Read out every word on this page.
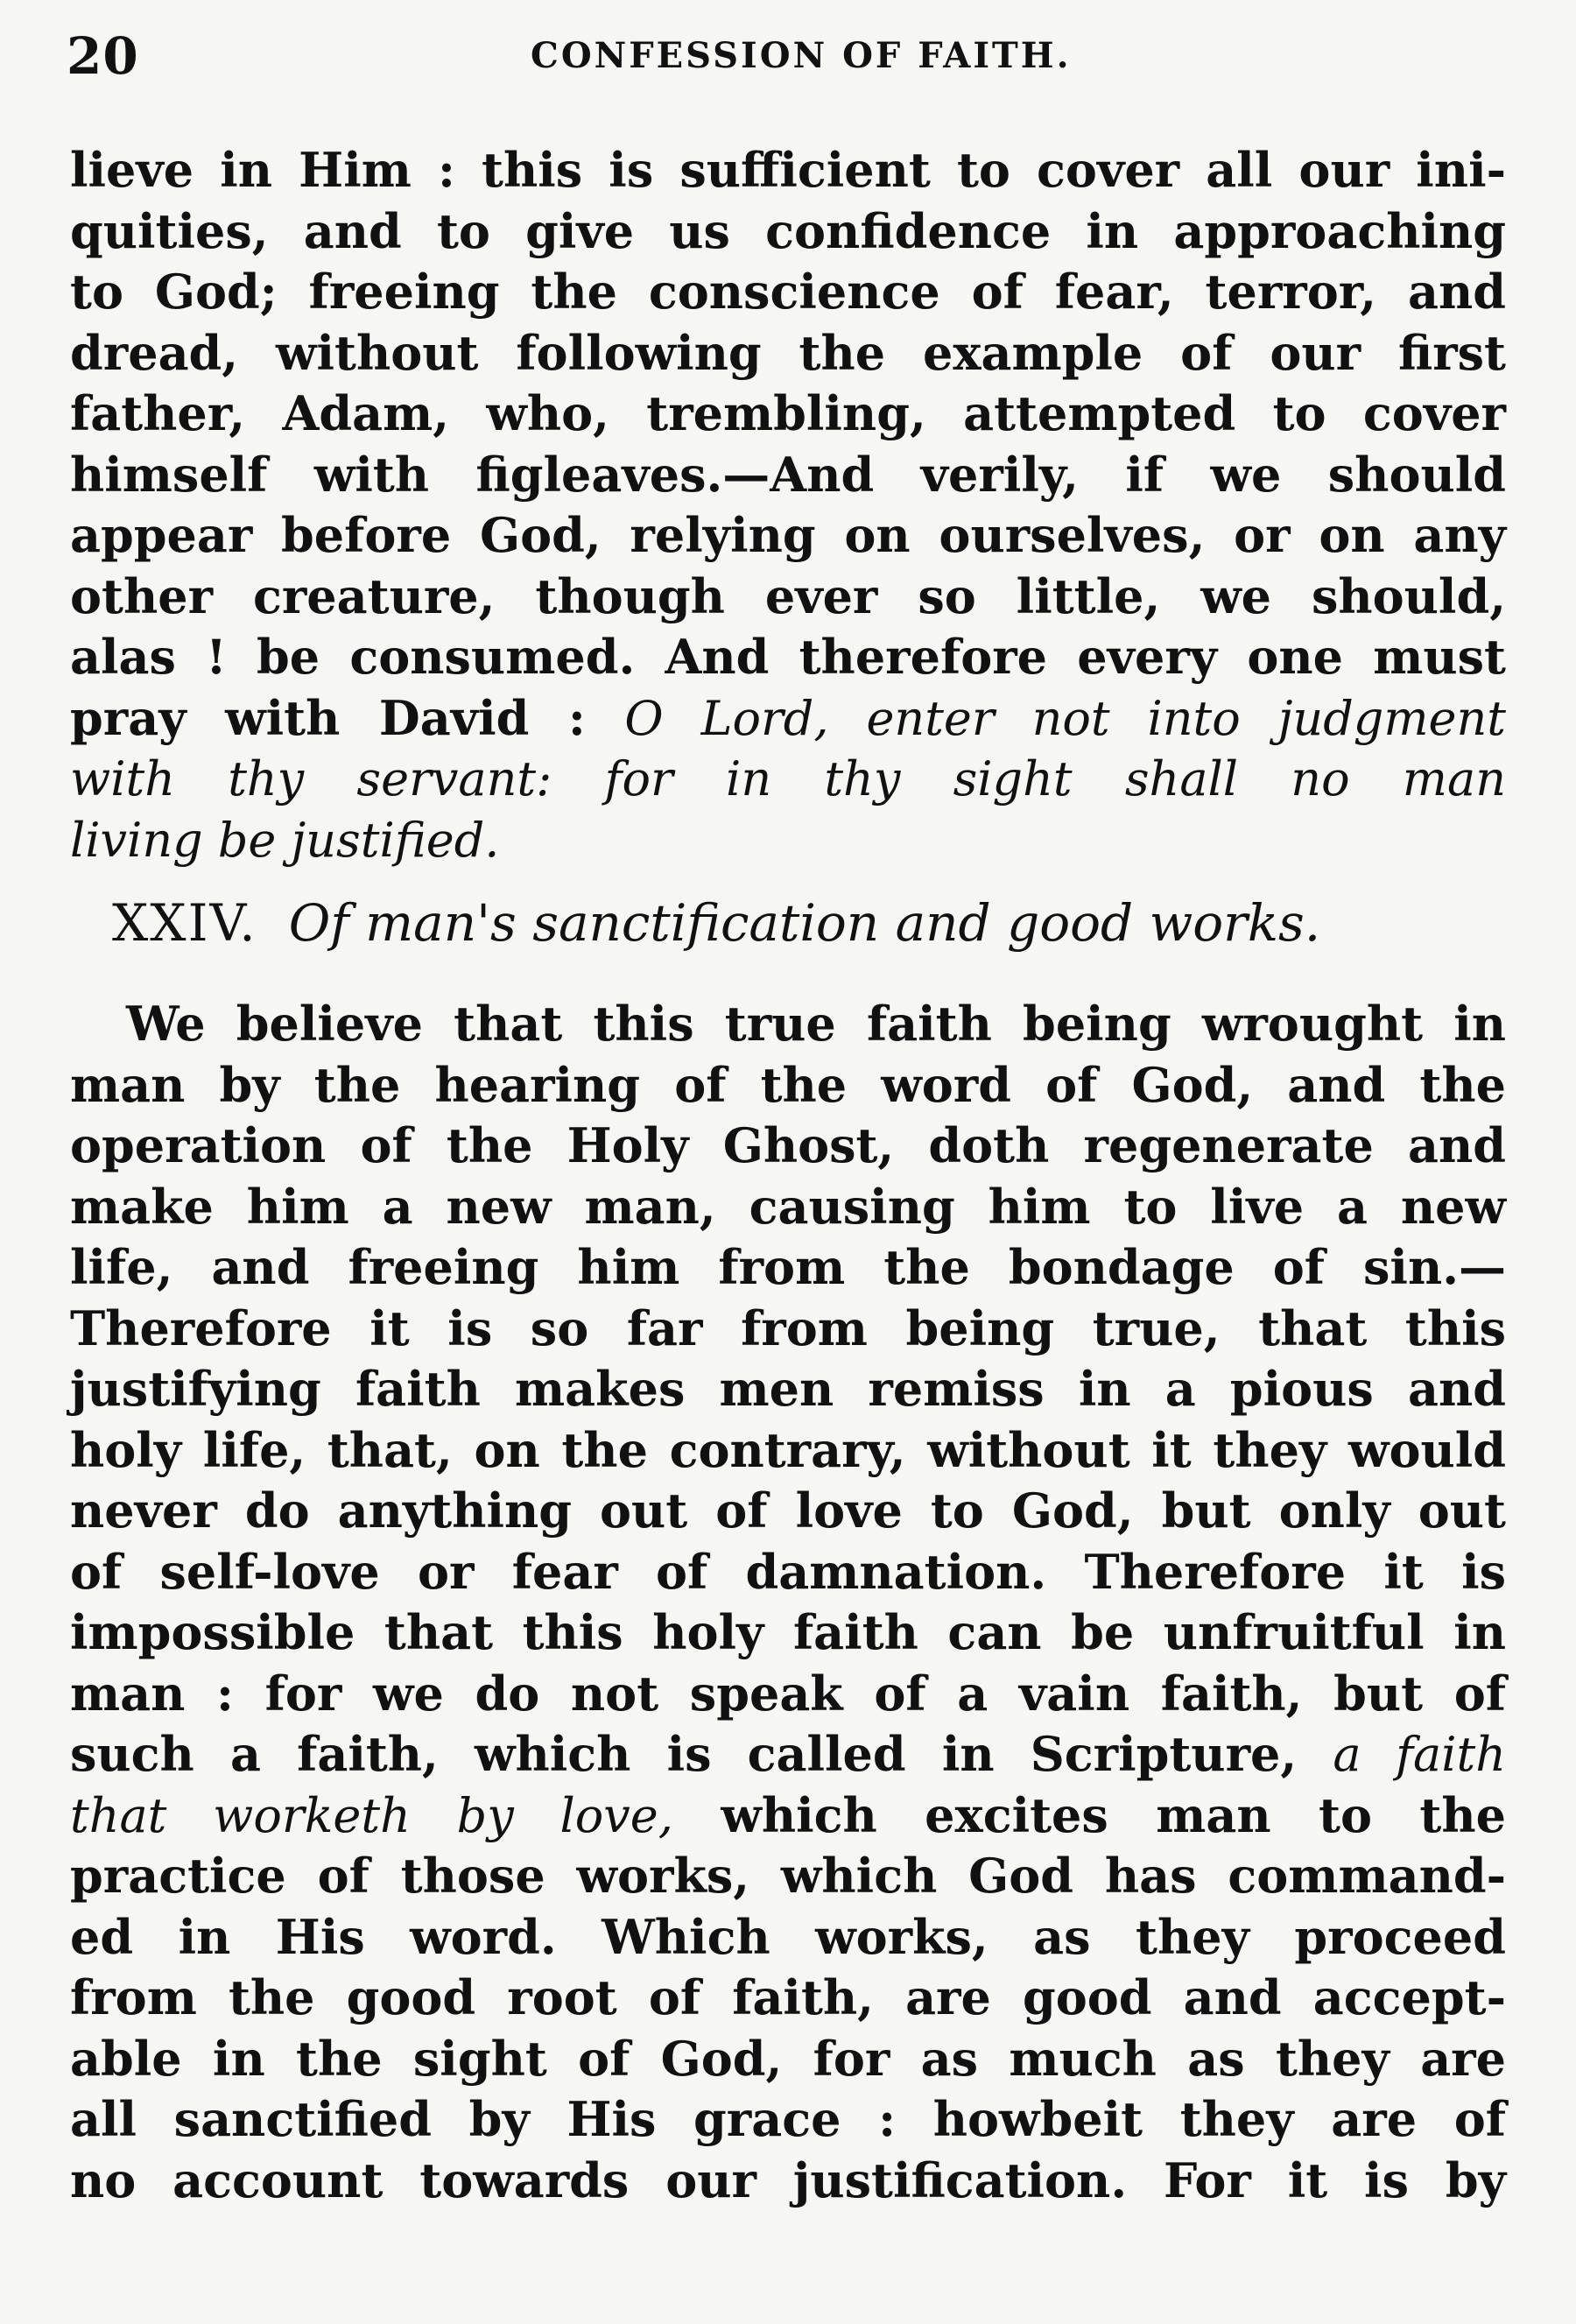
20	CONFESSION OF FAITH.
lieve in Him : this is sufficient to cover all our ini-
quities, and to give us confidence in approaching
to God; freeing the conscience of fear, terror, and
dread, without following the example of our first
father, Adam, who, trembling, attempted to cover
himself with figleaves.—And verily, if we should
appear before God, relying on ourselves, or on any
other creature, though ever so little, we should,
alas ! be consumed. And therefore every one must
pray with David : O Lord, enter not into judgment
with thy servant: for in thy sight shall no man
living be justified.
XXIV. Of man's sanctification and good works.
We believe that this true faith being wrought in
man by the hearing of the word of God, and the
operation of the Holy Ghost, doth regenerate and
make him a new man, causing him to live a new
life, and freeing him from the bondage of sin.—
Therefore it is so far from being true, that this
justifying faith makes men remiss in a pious and
holy life, that, on the contrary, without it they would
never do anything out of love to God, but only out
of self-love or fear of damnation. Therefore it is
impossible that this holy faith can be unfruitful in
man : for we do not speak of a vain faith, but of
such a faith, which is called in Scripture, a faith
that worketh by love, which excites man to the
practice of those works, which God has command-
ed in His word. Which works, as they proceed
from the good root of faith, are good and accept-
able in the sight of God, for as much as they are
all sanctified by His grace : howbeit they are of
no account towards our justification. For it is by
